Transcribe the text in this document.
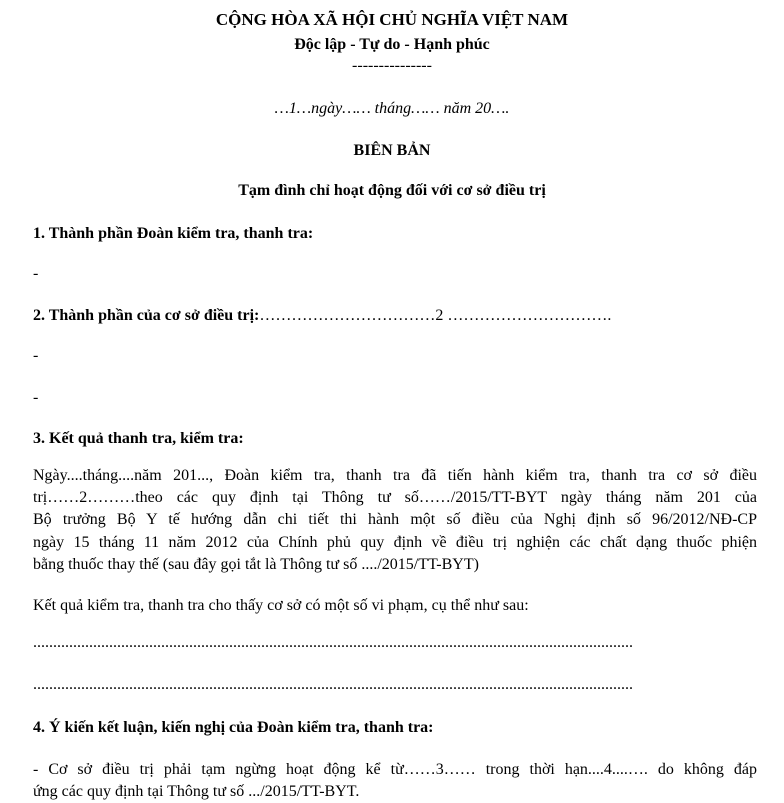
CỘNG HÒA XÃ HỘI CHỦ NGHĨA VIỆT NAM
Độc lập - Tự do - Hạnh phúc
---------------
…1…ngày…… tháng…… năm 20….
BIÊN BẢN
Tạm đình chỉ hoạt động đối với cơ sở điều trị
1. Thành phần Đoàn kiểm tra, thanh tra:
-
2. Thành phần của cơ sở điều trị:……………………………2 ………………………….
-
-
3. Kết quả thanh tra, kiểm tra:
Ngày....tháng....năm 201..., Đoàn kiểm tra, thanh tra đã tiến hành kiểm tra, thanh tra cơ sở điều
trị……2………theo các quy định tại Thông tư số……/2015/TT-BYT ngày tháng năm 201 của
Bộ trưởng Bộ Y tế hướng dẫn chi tiết thi hành một số điều của Nghị định số 96/2012/NĐ-CP
ngày 15 tháng 11 năm 2012 của Chính phủ quy định về điều trị nghiện các chất dạng thuốc phiện
bằng thuốc thay thế (sau đây gọi tắt là Thông tư số ..../2015/TT-BYT)
Kết quả kiểm tra, thanh tra cho thấy cơ sở có một số vi phạm, cụ thể như sau:
......................................................................................................................................................
......................................................................................................................................................
4. Ý kiến kết luận, kiến nghị của Đoàn kiểm tra, thanh tra:
- Cơ sở điều trị phải tạm ngừng hoạt động kể từ……3…… trong thời hạn....4....…. do không đáp
ứng các quy định tại Thông tư số .../2015/TT-BYT.
